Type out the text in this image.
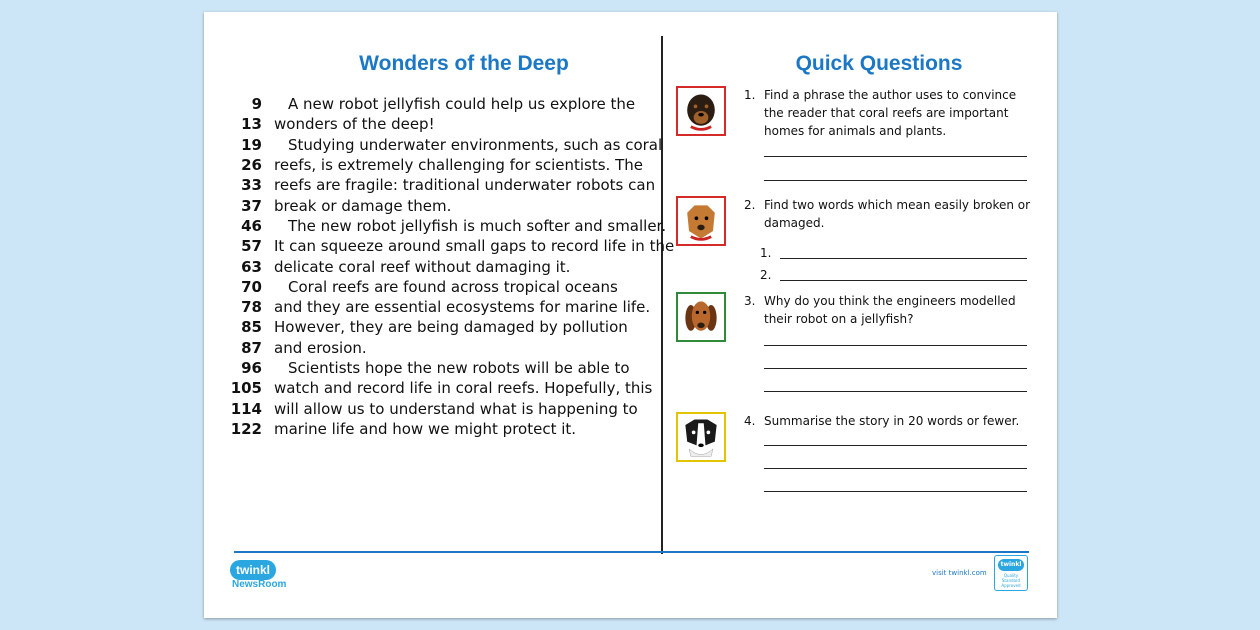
Wonders of the Deep	Quick Questions
9	A new robot jellyfish could help us explore the
13 wonders of the deep!
19	Studying underwater environments, such as coral
26 reefs, is extremely challenging for scientists. The
33 reefs are fragile: traditional underwater robots can
37 break or damage them.
46	The new robot jellyfish is much softer and smaller.
57 It can squeeze around small gaps to record life in the
63 delicate coral reef without damaging it.
70	Coral reefs are found across tropical oceans
78 and they are essential ecosystems for marine life.
85 However, they are being damaged by pollution
87 and erosion.
96	Scientists hope the new robots will be able to
105 watch and record life in coral reefs. Hopefully, this
114 will allow us to understand what is happening to
122 marine life and how we might protect it.
1. Find a phrase the author uses to convince the reader that coral reefs are important homes for animals and plants.
2. Find two words which mean easily broken or damaged.
1.
2.
3. Why do you think the engineers modelled their robot on a jellyfish?
4. Summarise the story in 20 words or fewer.
twinkl
NewsRoom
visit twinkl.com
twinkl
Quality Standard Approved
